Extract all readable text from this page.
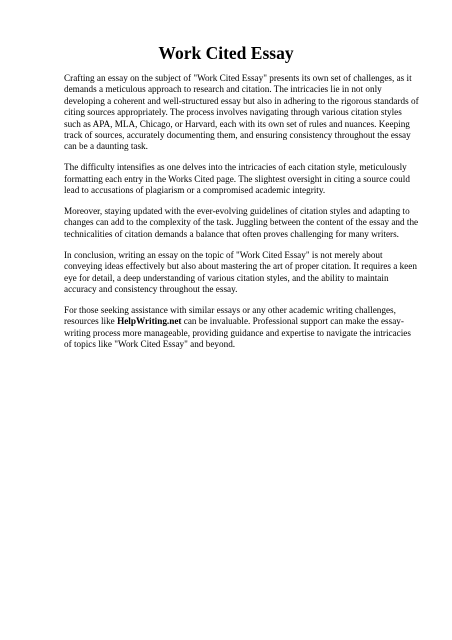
Work Cited Essay

Crafting an essay on the subject of "Work Cited Essay" presents its own set of challenges, as it demands a meticulous approach to research and citation. The intricacies lie in not only developing a coherent and well-structured essay but also in adhering to the rigorous standards of citing sources appropriately. The process involves navigating through various citation styles such as APA, MLA, Chicago, or Harvard, each with its own set of rules and nuances. Keeping track of sources, accurately documenting them, and ensuring consistency throughout the essay can be a daunting task.

The difficulty intensifies as one delves into the intricacies of each citation style, meticulously formatting each entry in the Works Cited page. The slightest oversight in citing a source could lead to accusations of plagiarism or a compromised academic integrity.

Moreover, staying updated with the ever-evolving guidelines of citation styles and adapting to changes can add to the complexity of the task. Juggling between the content of the essay and the technicalities of citation demands a balance that often proves challenging for many writers.

In conclusion, writing an essay on the topic of "Work Cited Essay" is not merely about conveying ideas effectively but also about mastering the art of proper citation. It requires a keen eye for detail, a deep understanding of various citation styles, and the ability to maintain accuracy and consistency throughout the essay.

For those seeking assistance with similar essays or any other academic writing challenges, resources like HelpWriting.net can be invaluable. Professional support can make the essay-writing process more manageable, providing guidance and expertise to navigate the intricacies of topics like "Work Cited Essay" and beyond.
